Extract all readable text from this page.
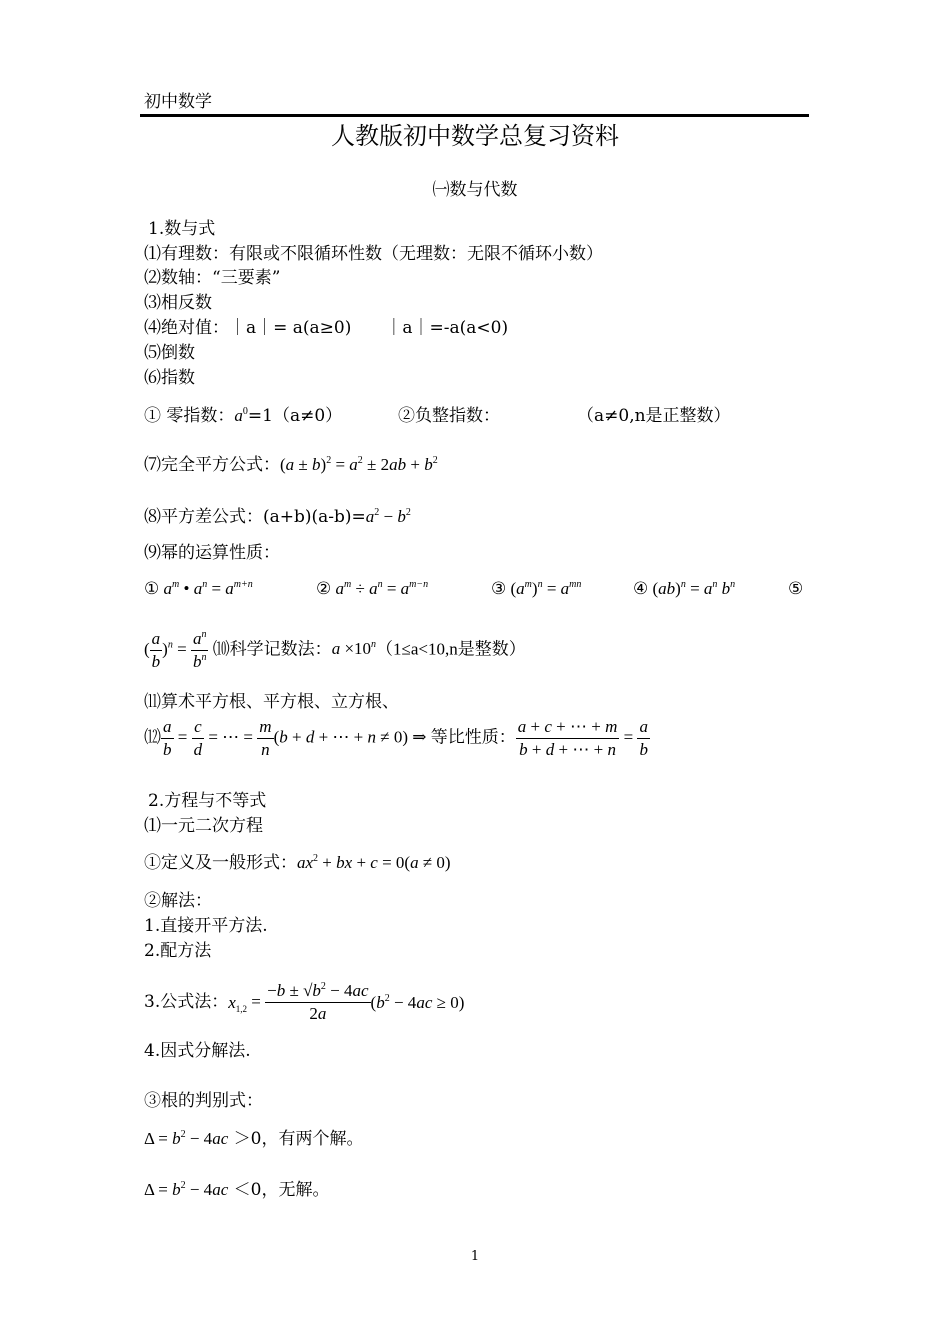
初中数学
人教版初中数学总复习资料
㈠数与代数
1.数与式
⑴有理数：有限或不限循环性数（无理数：无限不循环小数）
⑵数轴：“三要素”
⑶相反数
⑷绝对值：｜a｜= a(a≥0)　　｜a｜=-a(a<0)
⑸倒数
⑹指数
① 零指数：$a^0=1(a\ne 0)$	②负整指数：	（a≠0,n是正整数）
⑺完全平方公式：$(a \pm b)^2 = a^2 \pm 2ab + b^2$
⑻平方差公式：$(a+b)(a-b)=a^2 - b^2$
⑼幂的运算性质：
① $a^m$ • $a^n = a^{m+n}$	② $a^m \div a^n = a^{m-n}$	③ $(a^m)^n = a^{mn}$	④ $(ab)^n = a^n$ $b^n$	⑤
( $\frac{a}{b} )^n = \frac{a^n}{b^n}$ ⑽科学记数法：$a \times 10^n(1\le a<10,n$是整数）
⑾算术平方根、平方根、立方根、
⑿ $\frac{a}{b} = \frac{c}{d}$ = ⋯ = $\frac{m}{n} (b + d$ + ⋯ + n ≠ 0) ⇒ 等比性质： $\frac{a + c + \cdots + m}{b + d + \cdots + n} = \frac{a}{b}$
2.方程与不等式
⑴一元二次方程
①定义及一般形式：$ax^2$ + bx + c = 0(a ≠ 0)
②解法：
1.直接开平方法.
2.配方法
3.公式法：$x_{1,2} = \frac{-b \pm √b^2 - 4ac}{2a} (b^2 - 4ac \ge 0)$
4.因式分解法.
③根的判别式：
$\Delta = b^2 - 4ac >0$，有两个解。
$\Delta = b^2 - 4ac <0$，无解。
1
